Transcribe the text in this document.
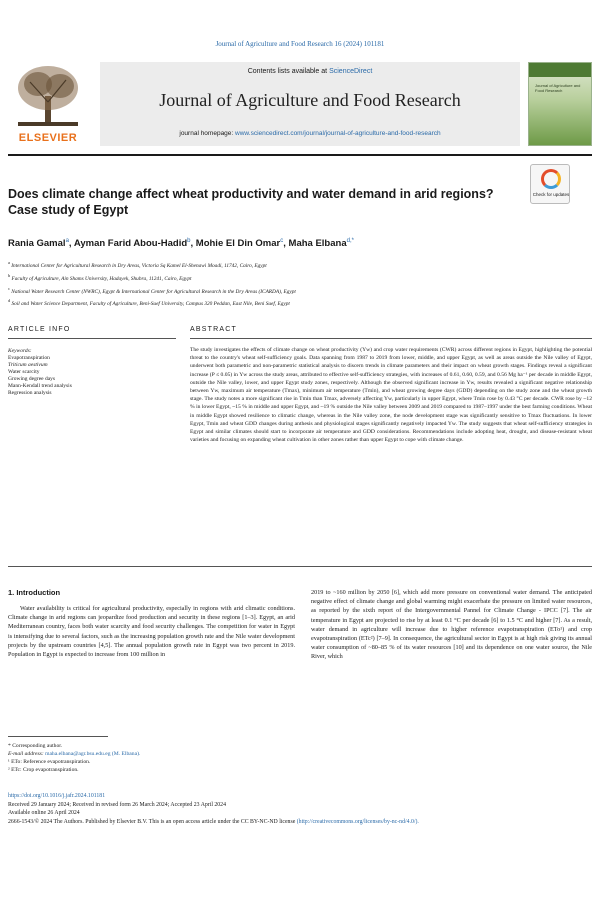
Journal of Agriculture and Food Research 16 (2024) 101181
ELSEVIER
Contents lists available at ScienceDirect
Journal of Agriculture and Food Research
journal homepage: www.sciencedirect.com/journal/journal-of-agriculture-and-food-research
Journal of Agriculture and Food Research
Does climate change affect wheat productivity and water demand in arid regions? Case study of Egypt
Check for updates
Rania Gamal$^a$, Ayman Farid Abou-Hadid$^b$, Mohie El Din Omar$^c$, Maha Elbana$^{d,*}$
$^a$ International Center for Agricultural Research in Dry Areas, Victoria Sq Kamel El-Shenawi Moadi, 11742, Cairo, Egypt
$^b$ Faculty of Agriculture, Ain Shams University, Hadayek, Shubra, 11241, Cairo, Egypt
$^c$ National Water Research Center (NWRC), Egypt & International Center for Agricultural Research in the Dry Areas (ICARDA), Egypt
$^d$ Soil and Water Science Department, Faculty of Agriculture, Beni-Suef University, Campus 320 Peddan, East Nile, Beni Suef, Egypt
ARTICLE INFO	ABSTRACT
Keywords:
Evapotranspiration
Triticum aestivum
Water scarcity
Growing degree days
Mann-Kendall trend analysis
Regression analysis
The study investigates the effects of climate change on wheat productivity (Yw) and crop water requirements (CWR) across different regions in Egypt, highlighting the potential threat to the country's wheat self-sufficiency goals. Data spanning from 1987 to 2019 from lower, middle, and upper Egypt, as well as areas outside the Nile valley of Egypt, underwent both parametric and non-parametric statistical analysis to discern trends in climate parameters and their impact on wheat growth stages. Findings reveal a significant increase (P ≤ 0.05) in Yw across the study areas, attributed to effective self-sufficiency strategies, with increases of 0.61, 0.60, 0.59, and 0.56 Mg ha⁻¹ per decade in middle Egypt, outside the Nile valley, lower, and upper Egypt study zones, respectively. Although the observed significant increase in Yw, results revealed a significant negative relationship between Yw, maximum air temperature (Tmax), minimum air temperature (Tmin), and wheat growing degree days (GDD) depending on the study zone and the wheat growth stage. The study notes a more significant rise in Tmin than Tmax, adversely affecting Yw, particularly in upper Egypt, where Tmin rose by 0.43 °C per decade. CWR rose by ~12 % in lower Egypt, ~15 % in middle and upper Egypt, and ~19 % outside the Nile valley between 2009 and 2019 compared to 1987–1997 under the best farming conditions. Wheat in middle Egypt showed resilience to climatic change, whereas in the Nile valley zone, the node development stage was significantly sensitive to Tmax fluctuations. In lower Egypt, Tmin and wheat GDD changes during anthesis and physiological stages significantly negatively impacted Yw. The study suggests that wheat self-sufficiency strategies in Egypt and similar climates should start to incorporate air temperature and GDD considerations. Recommendations include adopting heat, drought, and disease-resistant wheat varieties and focusing on expanding wheat cultivation in other zones rather than upper Egypt to cope with climate change.
1. Introduction

Water availability is critical for agricultural productivity, especially in regions with arid climatic conditions. Climate change in arid regions can jeopardize food production and security in these regions [1–3]. Egypt, an arid Mediterranean country, faces both water scarcity and food security challenges. The competition for water in Egypt is intensifying due to several factors, such as the increasing population growth rate and the Nile water development projects by the upstream countries [4,5]. The annual population growth rate in Egypt was two percent in 2019. Population in Egypt is expected to increase from 100 million in

2019 to ~160 million by 2050 [6], which add more pressure on conventional water demand. The anticipated negative effect of climate change and global warming might exacerbate the pressure on limited water resources, as reported by the sixth report of the Intergovernmental Pannel for Climate Change - IPCC [7]. The air temperature in Egypt are projected to rise by at least 0.1 °C per decade [6] to 1.5 °C and higher [7]. As a result, water demand in agriculture will increase due to higher reference evapotranspiration (ETo¹) and crop evapotranspiration (ETc²) [7–9]. In consequence, the agricultural sector in Egypt is at high risk giving its annual water consumption of ~80–85 % of its water resources [10] and its dependence on one water source, the Nile River, which

* Corresponding author.
E-mail address: maha.elbana@agr.bsu.edu.eg (M. Elbana).
¹ ETo: Reference evapotranspiration.
² ETc: Crop evapotranspiration.
https://doi.org/10.1016/j.jafr.2024.101181
Received 29 January 2024; Received in revised form 26 March 2024; Accepted 23 April 2024
Available online 26 April 2024
2666-1543/© 2024 The Authors. Published by Elsevier B.V. This is an open access article under the CC BY-NC-ND license (http://creativecommons.org/licenses/by-nc-nd/4.0/).
